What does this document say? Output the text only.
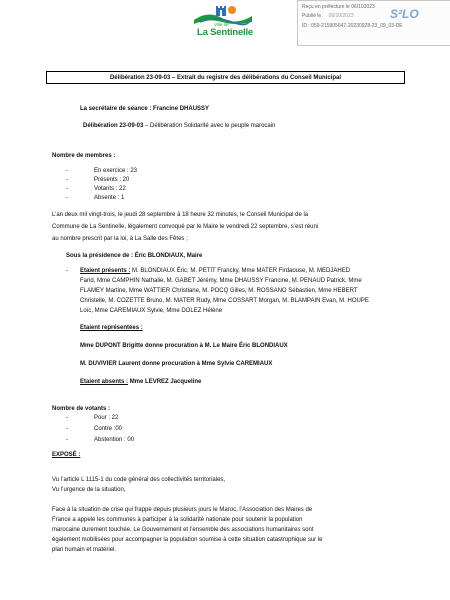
Ville de
La Sentinelle
Reçu en préfecture le 06/102023
Publié le 06/10/2023
ID : 059-215905647-20230928-23_09_03-DE
S²LO
Délibération 23-09-03 – Extrait du registre des délibérations du Conseil Municipal
La secrétaire de séance : Francine DHAUSSY
Délibération 23-09-03 – Délibération Solidarité avec le peuple marocain
Nombre de membres :
-	En exercice : 23
-	Présents : 20
-	Votants : 22
-	Absente : 1
L’an deux mil vingt-trois, le jeudi 28 septembre à 18 heure 32 minutes, le Conseil Municipal de la
Commune de La Sentinelle, légalement convoqué par le Maire le vendredi 22 septembre, s’est réuni
au nombre prescrit par la loi, à La Salle des Fêtes ;
Sous la présidence de : Éric BLONDIAUX, Maire
- Etaient présents : M. BLONDIAUX Éric, M. PETIT Francky, Mme MATER Firdaouse, M. MEDJAHED
Farid, Mme CAMPHIN Nathalie, M. GABET Jérémy, Mme DHAUSSY Francine, M. PENAUD Patrick, Mme
FLAMEY Martine, Mme WATTIER Christiane, M. POCQ Gilles, M. ROSSANO Sébastien, Mme HEBERT
Christelle, M. COZETTE Bruno, M. MATER Rudy, Mme COSSART Morgan, M. BLAMPAIN Evan, M. HOUPE
Loïc, Mme CAREMIAUX Sylvie, Mme DOLEZ Hélène
Etaient représentées :
Mme DUPONT Brigitte donne procuration à M. Le Maire Éric BLONDIAUX
M. DUVIVIER Laurent donne procuration à Mme Sylvie CAREMIAUX
Etaient absents : Mme LEVREZ Jacqueline
Nombre de votants :
-	Pour : 22
-	Contre :00
-	Abstention : 00
EXPOSÉ :
Vu l’article L 1115-1 du code général des collectivités territoriales,
Vu l’urgence de la situation,
Face à la situation de crise qui frappe depuis plusieurs jours le Maroc, l’Association des Maires de
France a appelé les communes à participer à la solidarité nationale pour soutenir la population
marocaine durement touchée. Le Gouvernement et l’ensemble des associations humanitaires sont
également mobilisées pour accompagner la population soumise à cette situation catastrophique sur le
plan humain et matériel.
